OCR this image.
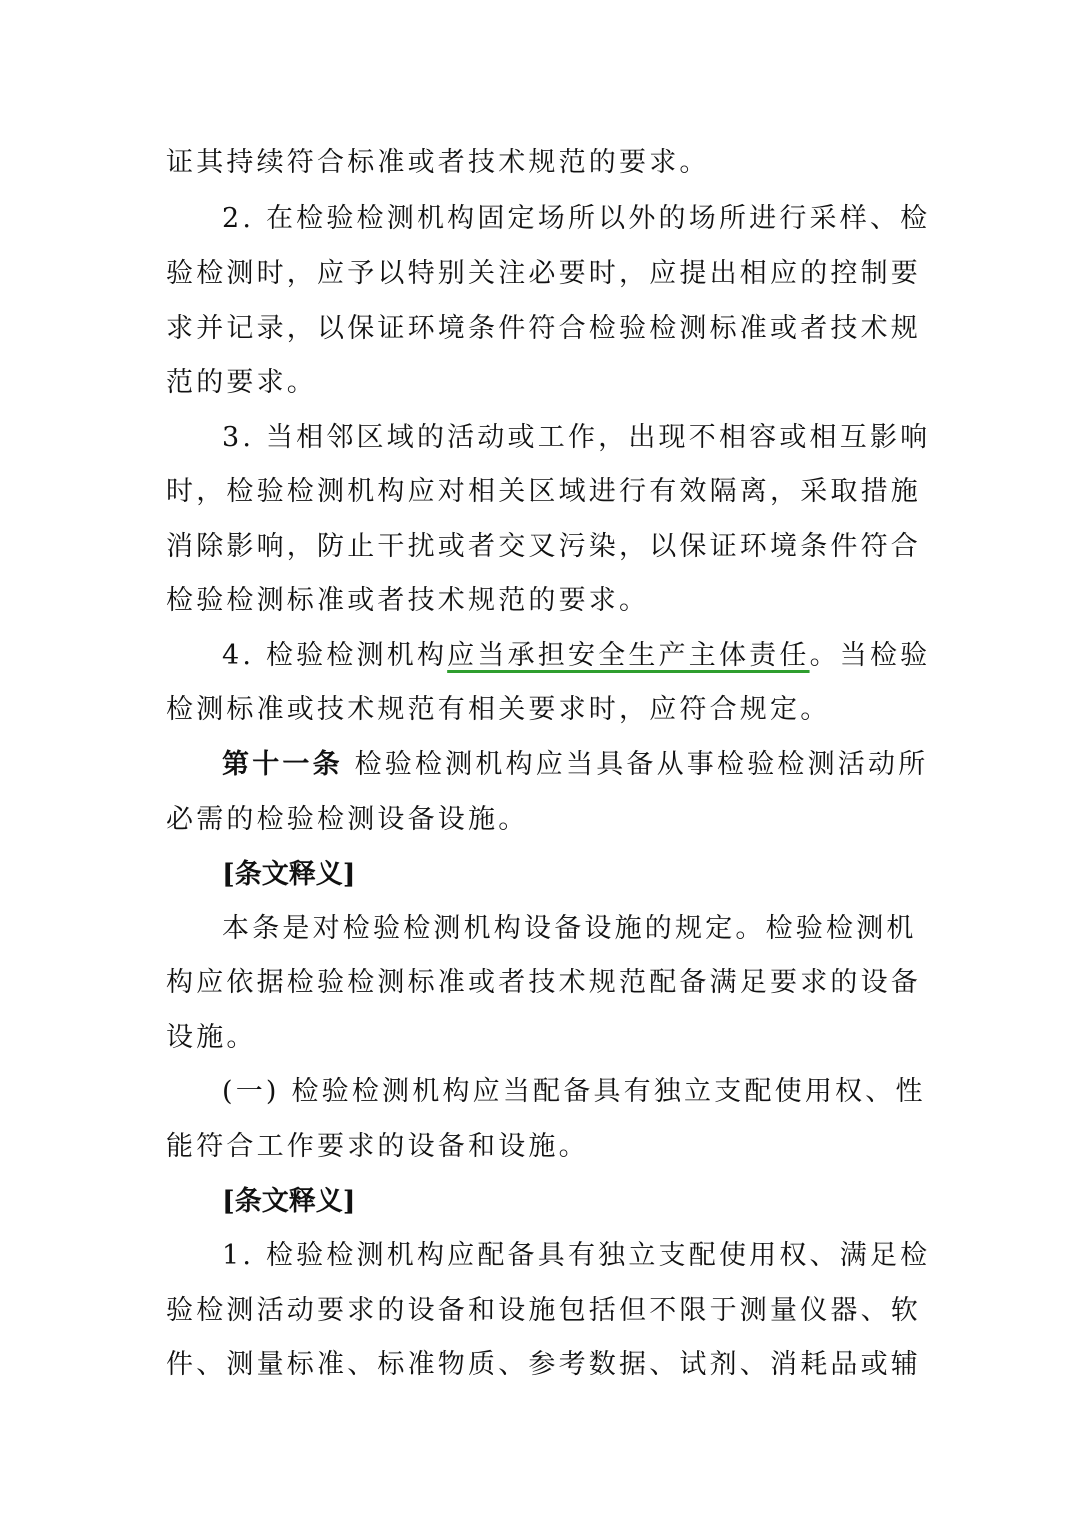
证其持续符合标准或者技术规范的要求。
2. 在检验检测机构固定场所以外的场所进行采样、检
验检测时，应予以特别关注必要时，应提出相应的控制要
求并记录，以保证环境条件符合检验检测标准或者技术规
范的要求。
3. 当相邻区域的活动或工作，出现不相容或相互影响
时，检验检测机构应对相关区域进行有效隔离，采取措施
消除影响，防止干扰或者交叉污染，以保证环境条件符合
检验检测标准或者技术规范的要求。
4. 检验检测机构应当承担安全生产主体责任。当检验
检测标准或技术规范有相关要求时，应符合规定。
第十一条 检验检测机构应当具备从事检验检测活动所
必需的检验检测设备设施。
[条文释义]
本条是对检验检测机构设备设施的规定。检验检测机
构应依据检验检测标准或者技术规范配备满足要求的设备
设施。
(一) 检验检测机构应当配备具有独立支配使用权、性
能符合工作要求的设备和设施。
[条文释义]
1. 检验检测机构应配备具有独立支配使用权、满足检
验检测活动要求的设备和设施包括但不限于测量仪器、软
件、测量标准、标准物质、参考数据、试剂、消耗品或辅
